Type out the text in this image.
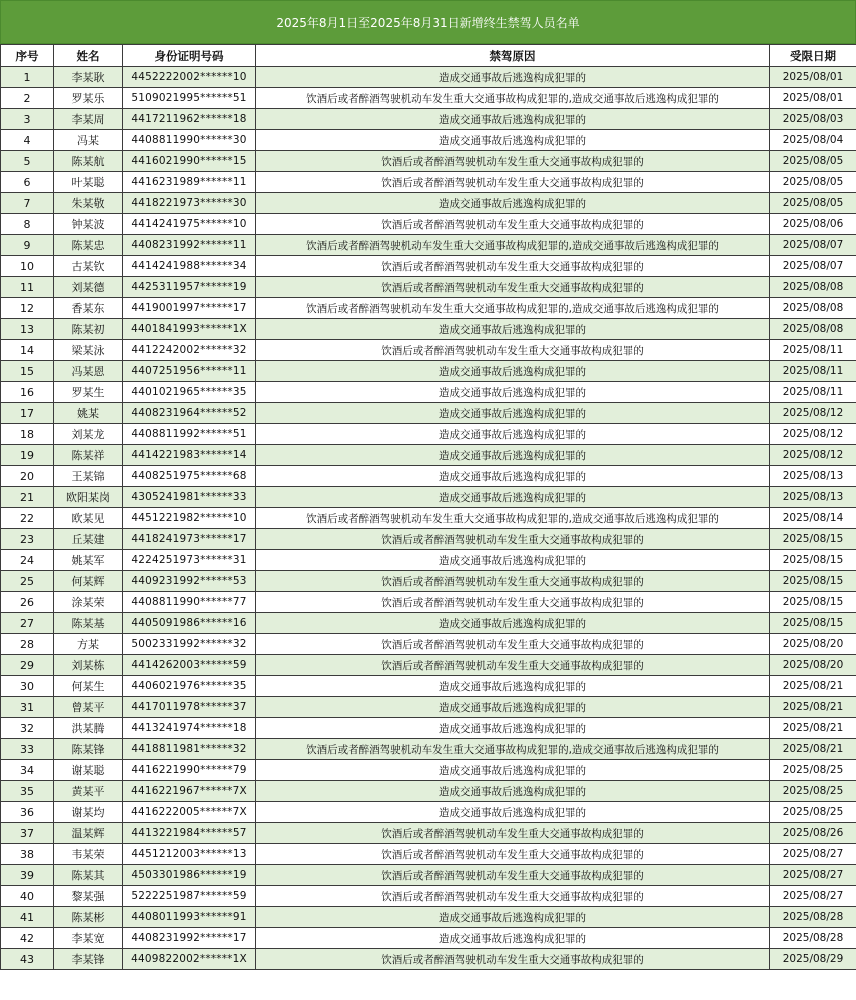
2025年8月1日至2025年8月31日新增终生禁驾人员名单
序号	姓名	身份证明号码	禁驾原因	受限日期
1	李某耿	4452222002******10	造成交通事故后逃逸构成犯罪的	2025/08/01
2	罗某乐	5109021995******51	饮酒后或者醉酒驾驶机动车发生重大交通事故构成犯罪的,造成交通事故后逃逸构成犯罪的	2025/08/01
3	李某周	4417211962******18	造成交通事故后逃逸构成犯罪的	2025/08/03
4	冯某	4408811990******30	造成交通事故后逃逸构成犯罪的	2025/08/04
5	陈某航	4416021990******15	饮酒后或者醉酒驾驶机动车发生重大交通事故构成犯罪的	2025/08/05
6	叶某聪	4416231989******11	饮酒后或者醉酒驾驶机动车发生重大交通事故构成犯罪的	2025/08/05
7	朱某敬	4418221973******30	造成交通事故后逃逸构成犯罪的	2025/08/05
8	钟某波	4414241975******10	饮酒后或者醉酒驾驶机动车发生重大交通事故构成犯罪的	2025/08/06
9	陈某忠	4408231992******11	饮酒后或者醉酒驾驶机动车发生重大交通事故构成犯罪的,造成交通事故后逃逸构成犯罪的	2025/08/07
10	古某钦	4414241988******34	饮酒后或者醉酒驾驶机动车发生重大交通事故构成犯罪的	2025/08/07
11	刘某德	4425311957******19	饮酒后或者醉酒驾驶机动车发生重大交通事故构成犯罪的	2025/08/08
12	香某东	4419001997******17	饮酒后或者醉酒驾驶机动车发生重大交通事故构成犯罪的,造成交通事故后逃逸构成犯罪的	2025/08/08
13	陈某初	4401841993******1X	造成交通事故后逃逸构成犯罪的	2025/08/08
14	梁某泳	4412242002******32	饮酒后或者醉酒驾驶机动车发生重大交通事故构成犯罪的	2025/08/11
15	冯某恩	4407251956******11	造成交通事故后逃逸构成犯罪的	2025/08/11
16	罗某生	4401021965******35	造成交通事故后逃逸构成犯罪的	2025/08/11
17	姚某	4408231964******52	造成交通事故后逃逸构成犯罪的	2025/08/12
18	刘某龙	4408811992******51	造成交通事故后逃逸构成犯罪的	2025/08/12
19	陈某祥	4414221983******14	造成交通事故后逃逸构成犯罪的	2025/08/12
20	王某锦	4408251975******68	造成交通事故后逃逸构成犯罪的	2025/08/13
21	欧阳某岗	4305241981******33	造成交通事故后逃逸构成犯罪的	2025/08/13
22	欧某见	4451221982******10	饮酒后或者醉酒驾驶机动车发生重大交通事故构成犯罪的,造成交通事故后逃逸构成犯罪的	2025/08/14
23	丘某建	4418241973******17	饮酒后或者醉酒驾驶机动车发生重大交通事故构成犯罪的	2025/08/15
24	姚某军	4224251973******31	造成交通事故后逃逸构成犯罪的	2025/08/15
25	何某辉	4409231992******53	饮酒后或者醉酒驾驶机动车发生重大交通事故构成犯罪的	2025/08/15
26	涂某荣	4408811990******77	饮酒后或者醉酒驾驶机动车发生重大交通事故构成犯罪的	2025/08/15
27	陈某基	4405091986******16	造成交通事故后逃逸构成犯罪的	2025/08/15
28	方某	5002331992******32	饮酒后或者醉酒驾驶机动车发生重大交通事故构成犯罪的	2025/08/20
29	刘某栋	4414262003******59	饮酒后或者醉酒驾驶机动车发生重大交通事故构成犯罪的	2025/08/20
30	何某生	4406021976******35	造成交通事故后逃逸构成犯罪的	2025/08/21
31	曾某平	4417011978******37	造成交通事故后逃逸构成犯罪的	2025/08/21
32	洪某腾	4413241974******18	造成交通事故后逃逸构成犯罪的	2025/08/21
33	陈某锋	4418811981******32	饮酒后或者醉酒驾驶机动车发生重大交通事故构成犯罪的,造成交通事故后逃逸构成犯罪的	2025/08/21
34	谢某聪	4416221990******79	造成交通事故后逃逸构成犯罪的	2025/08/25
35	黄某平	4416221967******7X	造成交通事故后逃逸构成犯罪的	2025/08/25
36	谢某均	4416222005******7X	造成交通事故后逃逸构成犯罪的	2025/08/25
37	温某辉	4413221984******57	饮酒后或者醉酒驾驶机动车发生重大交通事故构成犯罪的	2025/08/26
38	韦某荣	4451212003******13	饮酒后或者醉酒驾驶机动车发生重大交通事故构成犯罪的	2025/08/27
39	陈某其	4503301986******19	饮酒后或者醉酒驾驶机动车发生重大交通事故构成犯罪的	2025/08/27
40	黎某强	5222251987******59	饮酒后或者醉酒驾驶机动车发生重大交通事故构成犯罪的	2025/08/27
41	陈某彬	4408011993******91	造成交通事故后逃逸构成犯罪的	2025/08/28
42	李某宽	4408231992******17	造成交通事故后逃逸构成犯罪的	2025/08/28
43	李某锋	4409822002******1X	饮酒后或者醉酒驾驶机动车发生重大交通事故构成犯罪的	2025/08/29
